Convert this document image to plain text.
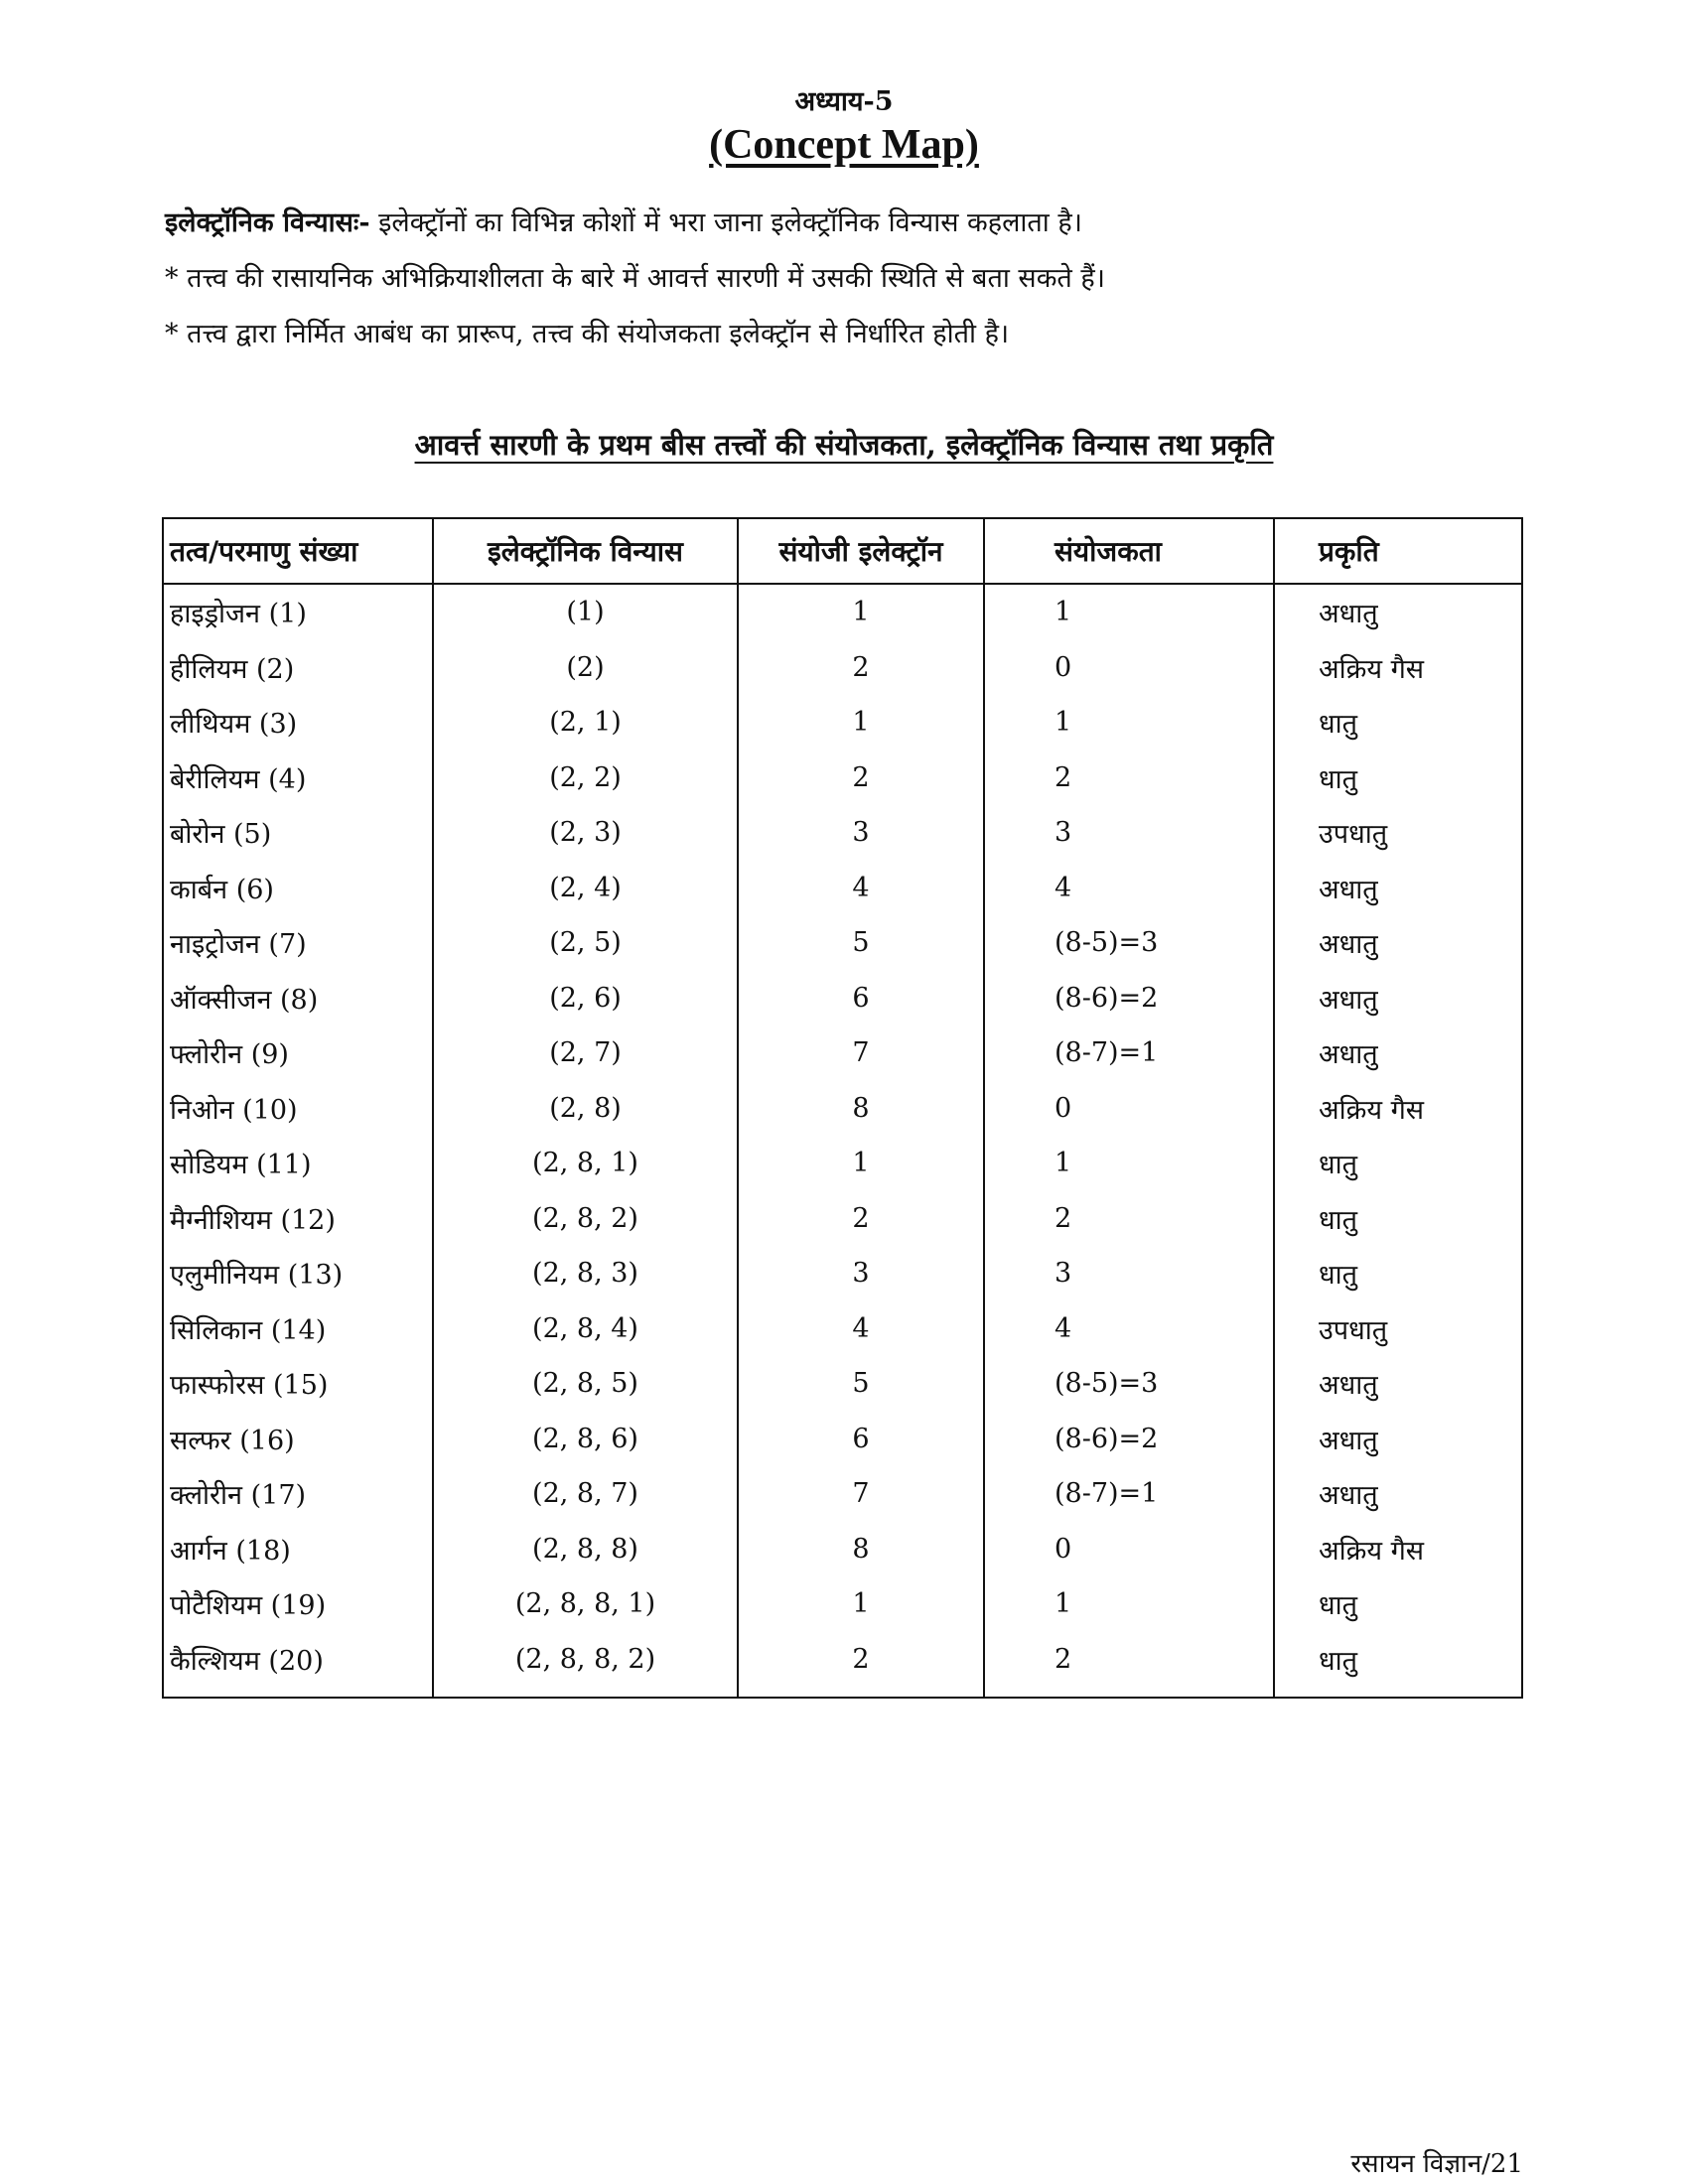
अध्याय-5
(Concept Map)
इलेक्ट्रॉनिक विन्यासः- इलेक्ट्रॉनों का विभिन्न कोशों में भरा जाना इलेक्ट्रॉनिक विन्यास कहलाता है।
* तत्त्व की रासायनिक अभिक्रियाशीलता के बारे में आवर्त्त सारणी में उसकी स्थिति से बता सकते हैं।
* तत्त्व द्वारा निर्मित आबंध का प्रारूप, तत्त्व की संयोजकता इलेक्ट्रॉन से निर्धारित होती है।
आवर्त्त सारणी के प्रथम बीस तत्त्वों की संयोजकता, इलेक्ट्रॉनिक विन्यास तथा प्रकृति
तत्व/परमाणु संख्या	इलेक्ट्रॉनिक विन्यास	संयोजी इलेक्ट्रॉन	संयोजकता	प्रकृति
हाइड्रोजन (1)	(1)	1	1	अधातु
हीलियम (2)	(2)	2	0	अक्रिय गैस
लीथियम (3)	(2, 1)	1	1	धातु
बेरीलियम (4)	(2, 2)	2	2	धातु
बोरोन (5)	(2, 3)	3	3	उपधातु
कार्बन (6)	(2, 4)	4	4	अधातु
नाइट्रोजन (7)	(2, 5)	5	(8-5)=3	अधातु
ऑक्सीजन (8)	(2, 6)	6	(8-6)=2	अधातु
फ्लोरीन (9)	(2, 7)	7	(8-7)=1	अधातु
निओन (10)	(2, 8)	8	0	अक्रिय गैस
सोडियम (11)	(2, 8, 1)	1	1	धातु
मैग्नीशियम (12)	(2, 8, 2)	2	2	धातु
एलुमीनियम (13)	(2, 8, 3)	3	3	धातु
सिलिकान (14)	(2, 8, 4)	4	4	उपधातु
फास्फोरस (15)	(2, 8, 5)	5	(8-5)=3	अधातु
सल्फर (16)	(2, 8, 6)	6	(8-6)=2	अधातु
क्लोरीन (17)	(2, 8, 7)	7	(8-7)=1	अधातु
आर्गन (18)	(2, 8, 8)	8	0	अक्रिय गैस
पोटैशियम (19)	(2, 8, 8, 1)	1	1	धातु
कैल्शियम (20)	(2, 8, 8, 2)	2	2	धातु
रसायन विज्ञान/21
